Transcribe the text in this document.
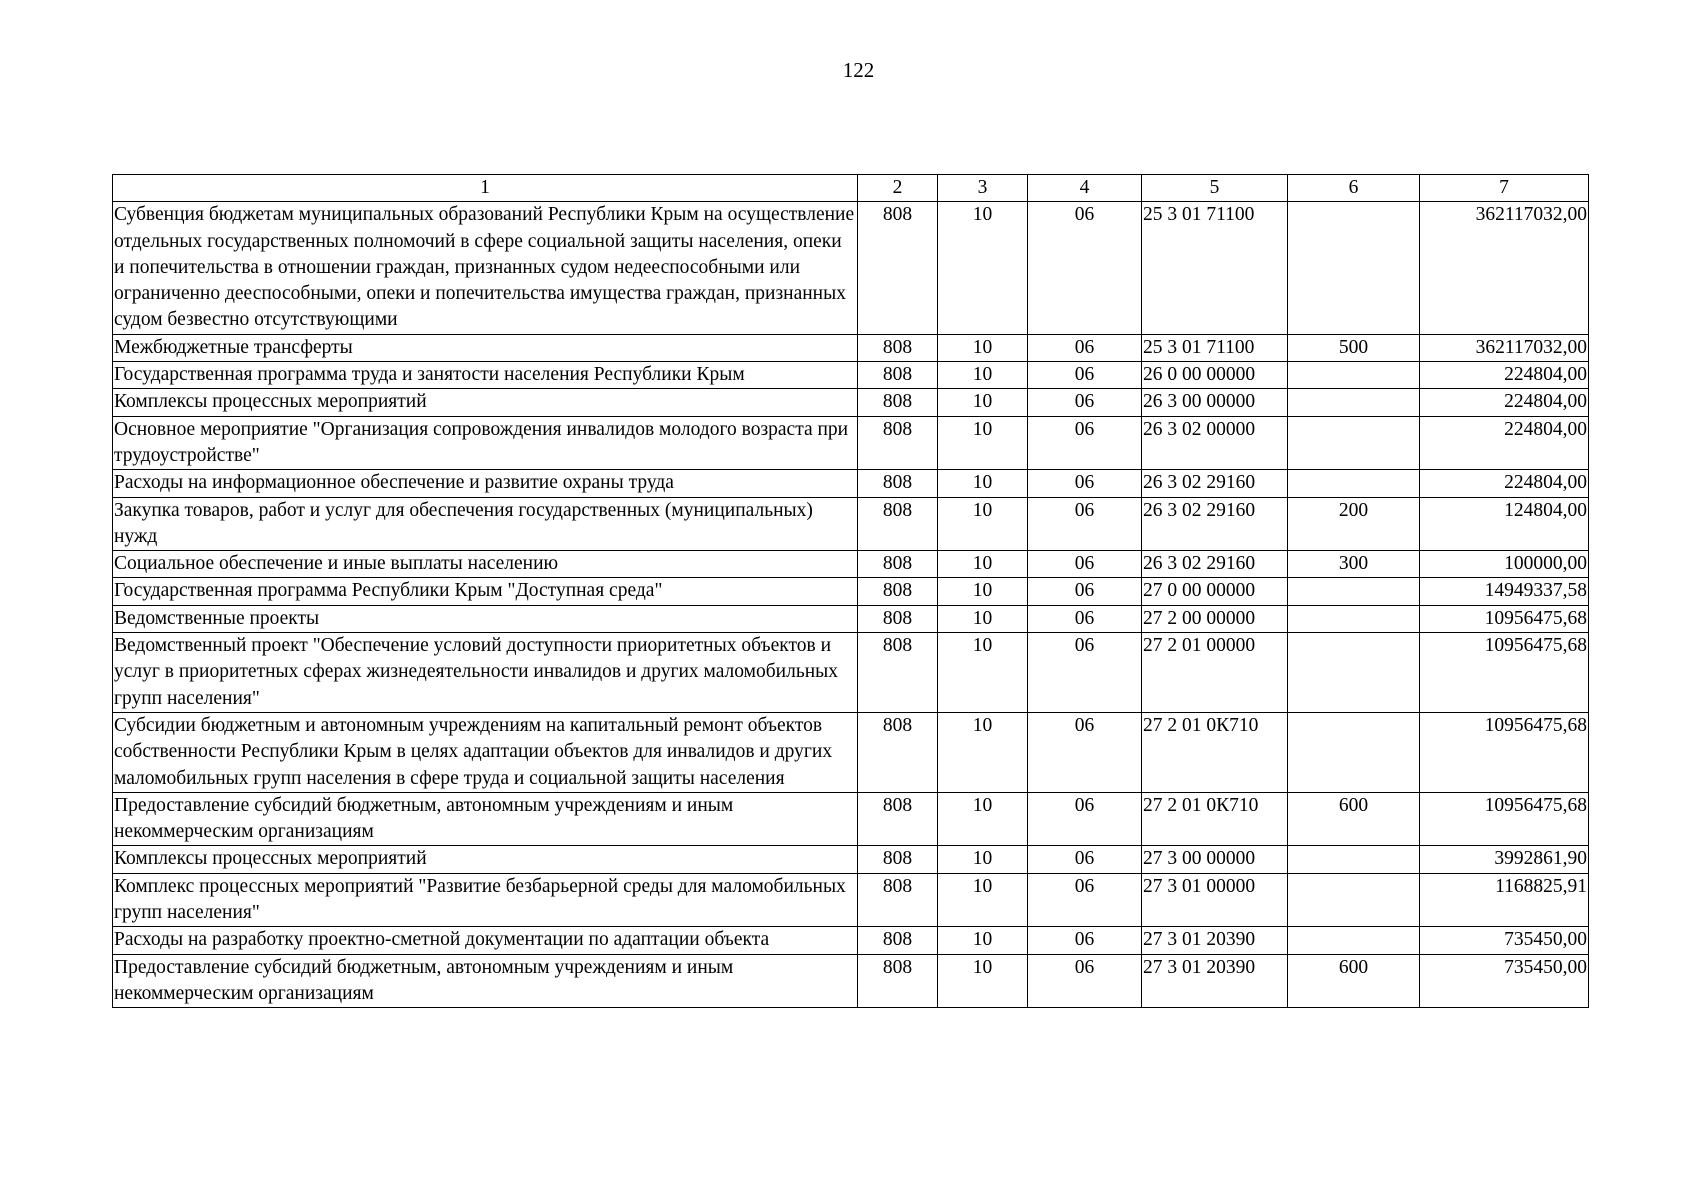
122
1	2	3	4	5	6	7
Субвенция бюджетам муниципальных образований Республики Крым на осуществление отдельных государственных полномочий в сфере социальной защиты населения, опеки и попечительства в отношении граждан, признанных судом недееспособными или ограниченно дееспособными, опеки и попечительства имущества граждан, признанных судом безвестно отсутствующими	808	10	06	25 3 01 71100		362117032,00
Межбюджетные трансферты	808	10	06	25 3 01 71100	500	362117032,00
Государственная программа труда и занятости населения Республики Крым	808	10	06	26 0 00 00000		224804,00
Комплексы процессных мероприятий	808	10	06	26 3 00 00000		224804,00
Основное мероприятие "Организация сопровождения инвалидов молодого возраста при трудоустройстве"	808	10	06	26 3 02 00000		224804,00
Расходы на информационное обеспечение и развитие охраны труда	808	10	06	26 3 02 29160		224804,00
Закупка товаров, работ и услуг для обеспечения государственных (муниципальных) нужд	808	10	06	26 3 02 29160	200	124804,00
Социальное обеспечение и иные выплаты населению	808	10	06	26 3 02 29160	300	100000,00
Государственная программа Республики Крым "Доступная среда"	808	10	06	27 0 00 00000		14949337,58
Ведомственные проекты	808	10	06	27 2 00 00000		10956475,68
Ведомственный проект "Обеспечение условий доступности приоритетных объектов и услуг в приоритетных сферах жизнедеятельности инвалидов и других маломобильных групп населения"	808	10	06	27 2 01 00000		10956475,68
Субсидии бюджетным и автономным учреждениям на капитальный ремонт объектов собственности Республики Крым в целях адаптации объектов для инвалидов и других маломобильных групп населения в сфере труда и социальной защиты населения	808	10	06	27 2 01 0К710		10956475,68
Предоставление субсидий бюджетным, автономным учреждениям и иным некоммерческим организациям	808	10	06	27 2 01 0К710	600	10956475,68
Комплексы процессных мероприятий	808	10	06	27 3 00 00000		3992861,90
Комплекс процессных мероприятий "Развитие безбарьерной среды для маломобильных групп населения"	808	10	06	27 3 01 00000		1168825,91
Расходы на разработку проектно-сметной документации по адаптации объекта	808	10	06	27 3 01 20390		735450,00
Предоставление субсидий бюджетным, автономным учреждениям и иным некоммерческим организациям	808	10	06	27 3 01 20390	600	735450,00
